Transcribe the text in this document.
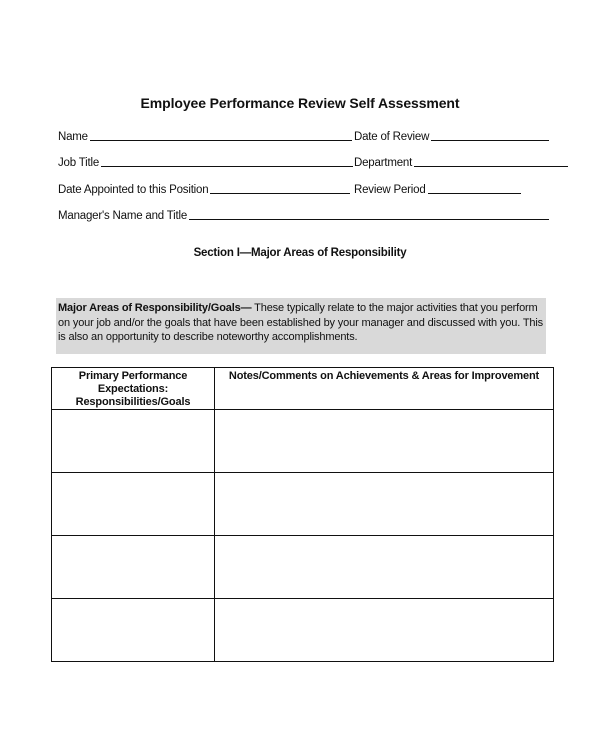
Employee Performance Review Self Assessment
Name	Date of Review
Job Title	Department
Date Appointed to this Position	Review Period
Manager's Name and Title
Section I—Major Areas of Responsibility
Major Areas of Responsibility/Goals— These typically relate to the major activities that you perform on your job and/or the goals that have been established by your manager and discussed with you. This is also an opportunity to describe noteworthy accomplishments.
Primary Performance Expectations: Responsibilities/Goals	Notes/Comments on Achievements & Areas for Improvement
